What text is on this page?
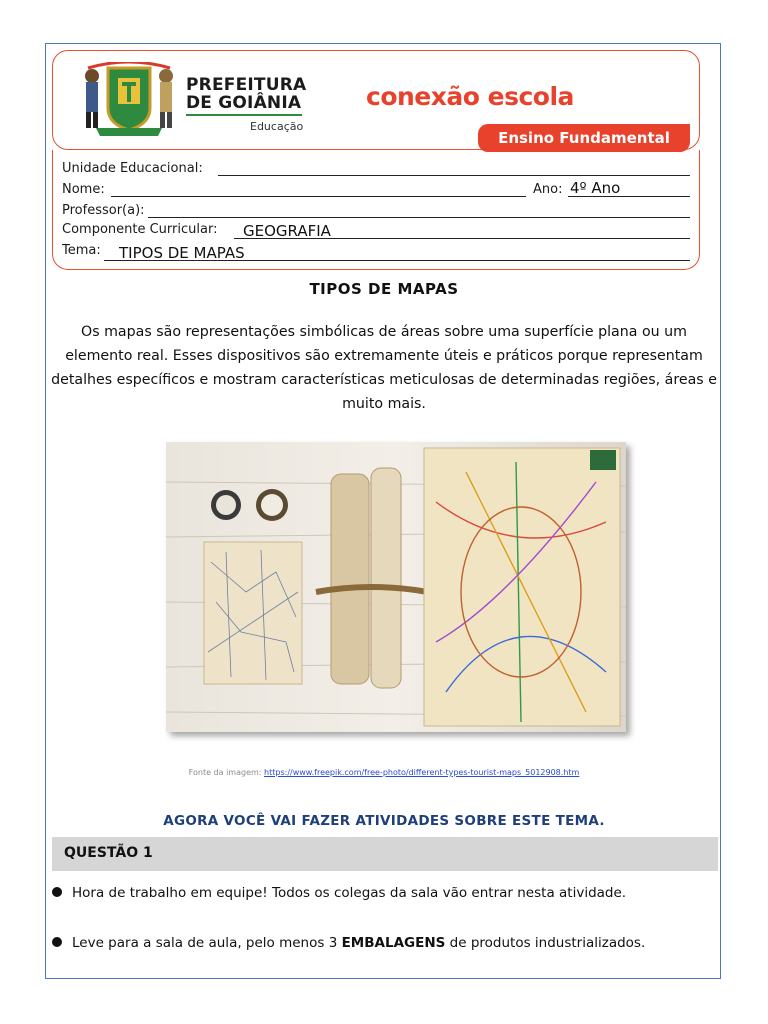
PREFEITURA
DE GOIÂNIA
Educação
conexão escola
Ensino Fundamental
Unidade Educacional:
Nome:	Ano: 4º Ano
Professor(a):
Componente Curricular: GEOGRAFIA
Tema: TIPOS DE MAPAS
TIPOS DE MAPAS
Os mapas são representações simbólicas de áreas sobre uma superfície plana ou um elemento real. Esses dispositivos são extremamente úteis e práticos porque representam detalhes específicos e mostram características meticulosas de determinadas regiões, áreas e muito mais.
Fonte da imagem: https://www.freepik.com/free-photo/different-types-tourist-maps_5012908.htm
AGORA VOCÊ VAI FAZER ATIVIDADES SOBRE ESTE TEMA.
QUESTÃO 1
Hora de trabalho em equipe! Todos os colegas da sala vão entrar nesta atividade.
Leve para a sala de aula, pelo menos 3 EMBALAGENS de produtos industrializados.
